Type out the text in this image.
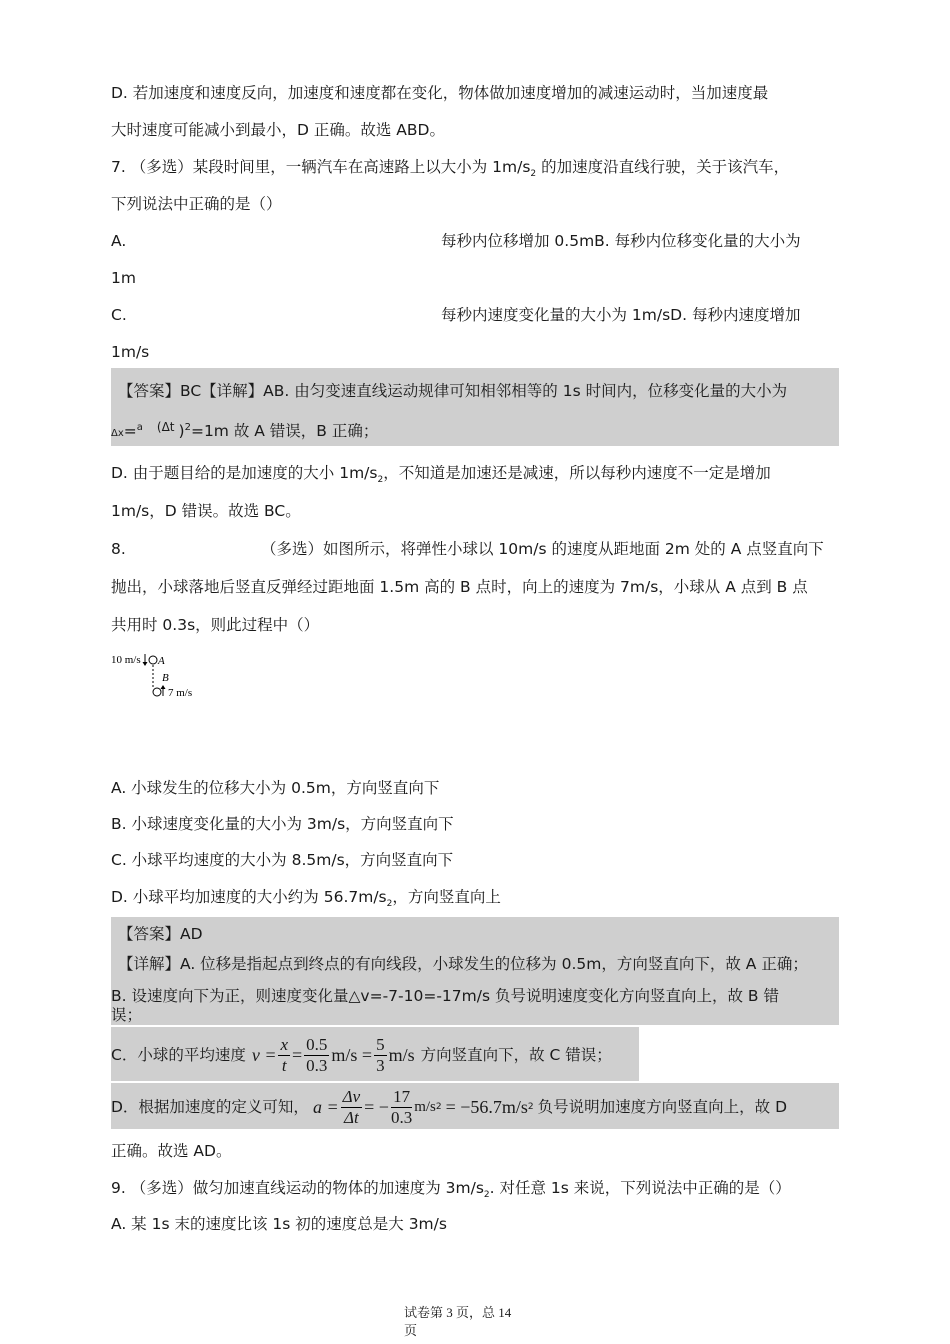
D. 若加速度和速度反向，加速度和速度都在变化，物体做加速度增加的减速运动时，当加速度最
大时速度可能减小到最小，D 正确。故选 ABD。
7. （多选）某段时间里，一辆汽车在高速路上以大小为 $1m/s_2$ 的加速度沿直线行驶，关于该汽车，
下列说法中正确的是（）
A.	每秒内位移增加 0.5mB. 每秒内位移变化量的大小为
1m
C.	每秒内速度变化量的大小为 1m/sD. 每秒内速度增加
1m/s
【答案】BC【详解】AB. 由匀变速直线运动规律可知相邻相等的 1s 时间内，位移变化量的大小为
Δx=$^a$ $^{(\Delta t}$ )$^2$=1m 故 A 错误，B 正确；
D. 由于题目给的是加速度的大小 $1m/s_2$，不知道是加速还是减速，所以每秒内速度不一定是增加
1m/s，D 错误。故选 BC。
8.	（多选）如图所示，将弹性小球以 10m/s 的速度从距地面 2m 处的 A 点竖直向下
抛出，小球落地后竖直反弹经过距地面 1.5m 高的 B 点时，向上的速度为 7m/s，小球从 A 点到 B 点
共用时 0.3s，则此过程中（）
10 m/s A
B
7 m/s
A. 小球发生的位移大小为 0.5m，方向竖直向下
B. 小球速度变化量的大小为 3m/s，方向竖直向下
C. 小球平均速度的大小为 8.5m/s，方向竖直向下
D. 小球平均加速度的大小约为 $56.7m/s_2$，方向竖直向上
【答案】AD
【详解】A. 位移是指起点到终点的有向线段，小球发生的位移为 0.5m，方向竖直向下，故 A 正确；
B. 设速度向下为正，则速度变化量△v=-7-10=-17m/s 负号说明速度变化方向竖直向上，故 B 错
误；
C．小球的平均速度 $v = \frac{x}{t} = \frac{0.5}{0.3} m/s = \frac{5}{3} m/s$ 方向竖直向下，故 C 错误；
D．根据加速度的定义可知， $a = \frac{\Delta v}{\Delta t}$ = − $\frac{17}{0.3} m/s$ 2 = −56.7m/s 2 负号说明加速度方向竖直向上，故 D
正确。故选 AD。
9. （多选）做匀加速直线运动的物体的加速度为 $3m/s_2$. 对任意 1s 来说，下列说法中正确的是（）
A. 某 1s 末的速度比该 1s 初的速度总是大 3m/s
试卷第 3 页，总 14
页
